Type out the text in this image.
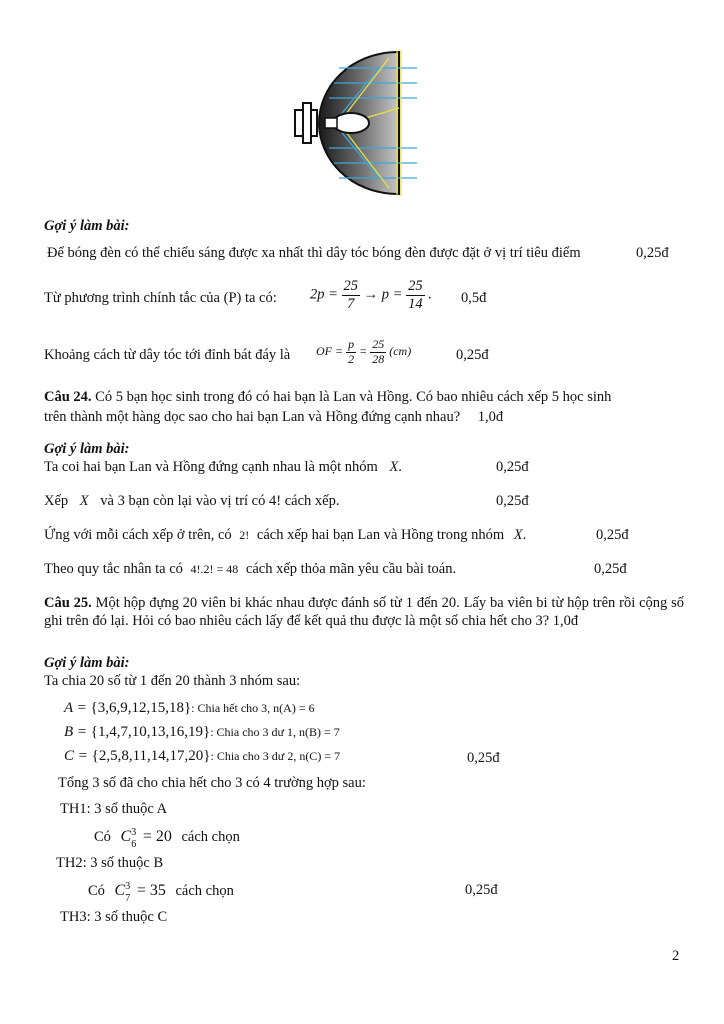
Gợi ý làm bài:
Để bóng đèn có thể chiếu sáng được xa nhất thì dây tóc bóng đèn được đặt ở vị trí tiêu điểm	0,25đ
Từ phương trình chính tắc của (P) ta có: $2p = \frac{25}{7} \to p = \frac{25}{14}$ . 0,5đ
Khoảng cách từ dây tóc tới đỉnh bát đáy là OF = $\frac{p}{2} = \frac{25}{28} (cm)$	0,25đ
Câu 24. Có 5 bạn học sinh trong đó có hai bạn là Lan và Hồng. Có bao nhiêu cách xếp 5 học sinh
trên thành một hàng dọc sao cho hai bạn Lan và Hồng đứng cạnh nhau? 1,0đ
Gợi ý làm bài:
Ta coi hai bạn Lan và Hồng đứng cạnh nhau là một nhóm X.	0,25đ
Xếp X và 3 bạn còn lại vào vị trí có 4! cách xếp.	0,25đ
Ứng với mỗi cách xếp ở trên, có 2! cách xếp hai bạn Lan và Hồng trong nhóm X.	0,25đ
Theo quy tắc nhân ta có 4!.2! = 48 cách xếp thỏa mãn yêu cầu bài toán.	0,25đ
Câu 25. Một hộp đựng 20 viên bi khác nhau được đánh số từ 1 đến 20. Lấy ba viên bi từ hộp trên rồi cộng số ghi trên đó lại. Hỏi có bao nhiêu cách lấy để kết quả thu được là một số chia hết cho 3? 1,0đ
Gợi ý làm bài:
Ta chia 20 số từ 1 đến 20 thành 3 nhóm sau:
A = {3,6,9,12,15,18}: Chia hết cho 3, n(A) = 6
B = {1,4,7,10,13,16,19}: Chia cho 3 dư 1, n(B) = 7
C = {2,5,8,11,14,17,20}: Chia cho 3 dư 2, n(C) = 7	0,25đ
Tổng 3 số đã cho chia hết cho 3 có 4 trường hợp sau:
TH1: 3 số thuộc A
Có C 3
6 = 20 cách chọn
TH2: 3 số thuộc B
Có C 3
7 = 35 cách chọn	0,25đ
TH3: 3 số thuộc C
2
